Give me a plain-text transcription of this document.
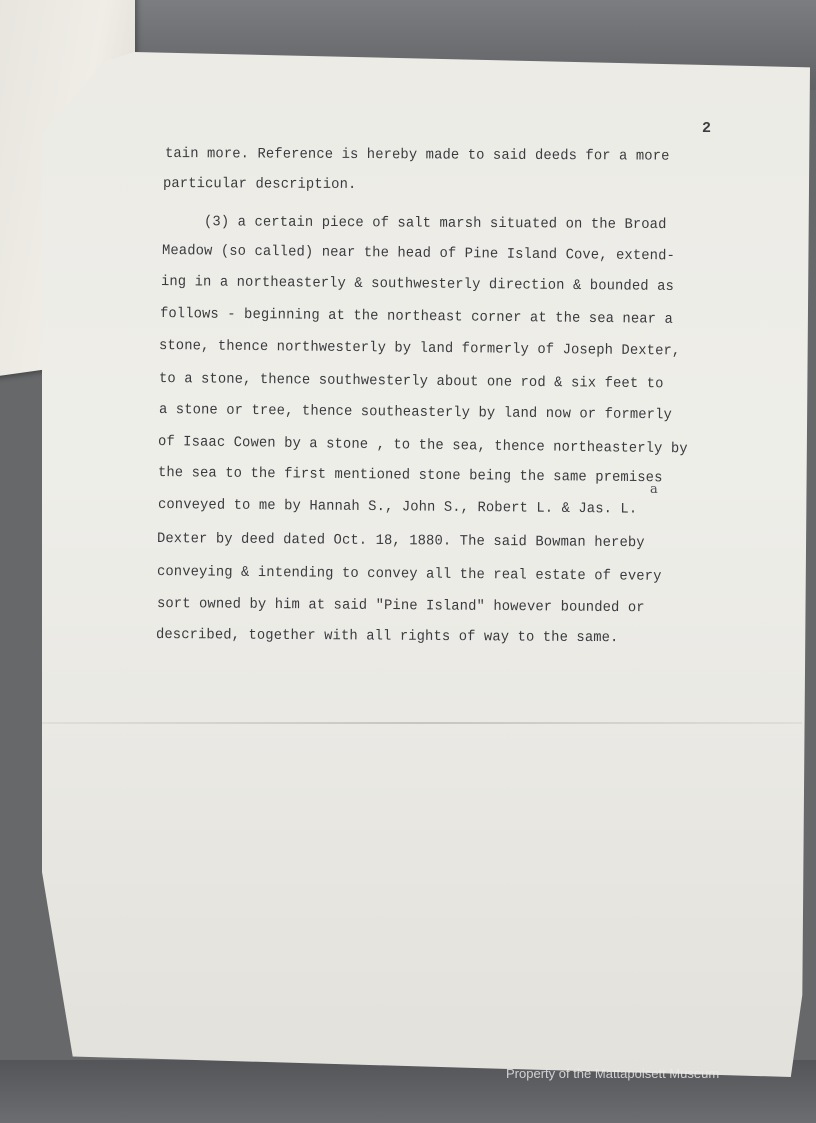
2
tain more. Reference is hereby made to said deeds for a more
particular description.
(3) a certain piece of salt marsh situated on the Broad
Meadow (so called) near the head of Pine Island Cove, extend-
ing in a northeasterly & southwesterly direction & bounded as
follows - beginning at the northeast corner at the sea near a
stone, thence northwesterly by land formerly of Joseph Dexter,
to a stone, thence southwesterly about one rod & six feet to
a stone or tree, thence southeasterly by land now or formerly
of Isaac Cowen by a stone , to the sea, thence northeasterly by
the sea to the first mentioned stone being the same premises
conveyed to me by Hannah S., John S., Robert L. & Jas. L.
a
Dexter by deed dated Oct. 18, 1880. The said Bowman hereby
conveying & intending to convey all the real estate of every
sort owned by him at said "Pine Island" however bounded or
described, together with all rights of way to the same.
Property of the Mattapoisett Museum
